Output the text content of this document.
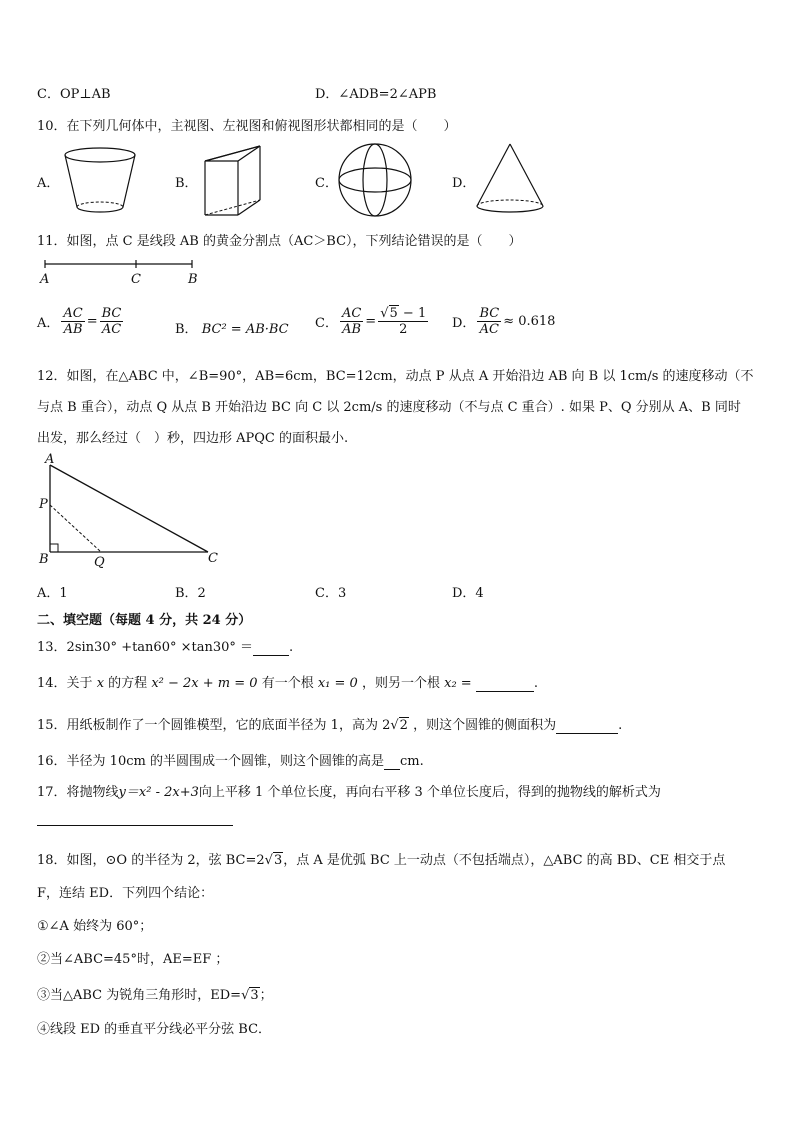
C．OP⊥AB	D．∠ADB=2∠APB
10．在下列几何体中，主视图、左视图和俯视图形状都相同的是（　　）
A．	B．	C．	D．
11．如图，点 C 是线段 AB 的黄金分割点（AC＞BC），下列结论错误的是（　　）
A	C	B
A． $\frac{AC}{AB} = \frac{BC}{AC}$	B． BC² = AB·BC C． $\frac{AC}{AB} = \frac{√5 - 1}{2}$ D． $\frac{BC}{AC} \approx 0.618$
12．如图，在△ABC 中，∠B=90°，AB=6cm，BC=12cm，动点 P 从点 A 开始沿边 AB 向 B 以 1cm/s 的速度移动（不
与点 B 重合），动点 Q 从点 B 开始沿边 BC 向 C 以 2cm/s 的速度移动（不与点 C 重合）. 如果 P、Q 分别从 A、B 同时
出发，那么经过（　）秒，四边形 APQC 的面积最小.
A
P
B	Q	C
A．1	B．2	C．3	D．4
二、填空题（每题 4 分，共 24 分）
13．2sin30° +tan60° ×tan30° ＝	.
14．关于 x 的方程 x² − 2x + m = 0 有一个根 x₁ = 0 ，则另一个根 x₂ =	.
15．用纸板制作了一个圆锥模型，它的底面半径为 1，高为 2√2 ，则这个圆锥的侧面积为	.
16．半径为 10cm 的半圆围成一个圆锥，则这个圆锥的高是 cm.
17．将抛物线y＝x² - 2x+3向上平移 1 个单位长度，再向右平移 3 个单位长度后，得到的抛物线的解析式为
18．如图，⊙O 的半径为 2，弦 BC=2√3，点 A 是优弧 BC 上一动点（不包括端点），△ABC 的高 BD、CE 相交于点
F，连结 ED．下列四个结论：
①∠A 始终为 60°；
②当∠ABC=45°时，AE=EF ；
③当△ABC 为锐角三角形时，ED=√3；
④线段 ED 的垂直平分线必平分弦 BC．
